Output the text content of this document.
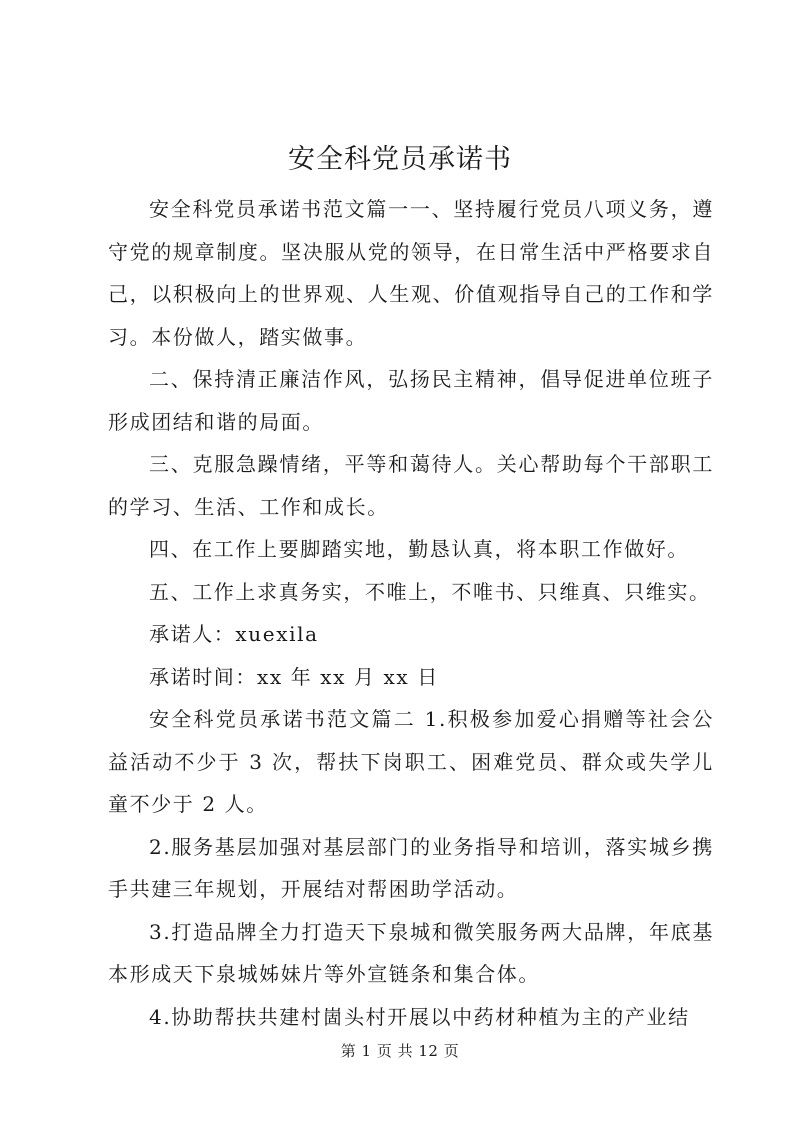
安全科党员承诺书

安全科党员承诺书范文篇一一、坚持履行党员八项义务，遵守党的规章制度。坚决服从党的领导，在日常生活中严格要求自己，以积极向上的世界观、人生观、价值观指导自己的工作和学习。本份做人，踏实做事。

二、保持清正廉洁作风，弘扬民主精神，倡导促进单位班子形成团结和谐的局面。

三、克服急躁情绪，平等和蔼待人。关心帮助每个干部职工的学习、生活、工作和成长。

四、在工作上要脚踏实地，勤恳认真，将本职工作做好。

五、工作上求真务实，不唯上，不唯书、只维真、只维实。

承诺人：xuexila

承诺时间：xx 年 xx 月 xx 日

安全科党员承诺书范文篇二 1.积极参加爱心捐赠等社会公益活动不少于 3 次，帮扶下岗职工、困难党员、群众或失学儿童不少于 2 人。

2.服务基层加强对基层部门的业务指导和培训，落实城乡携手共建三年规划，开展结对帮困助学活动。

3.打造品牌全力打造天下泉城和微笑服务两大品牌，年底基本形成天下泉城姊妹片等外宣链条和集合体。

4.协助帮扶共建村崮头村开展以中药材种植为主的产业结

第 1 页 共 12 页
